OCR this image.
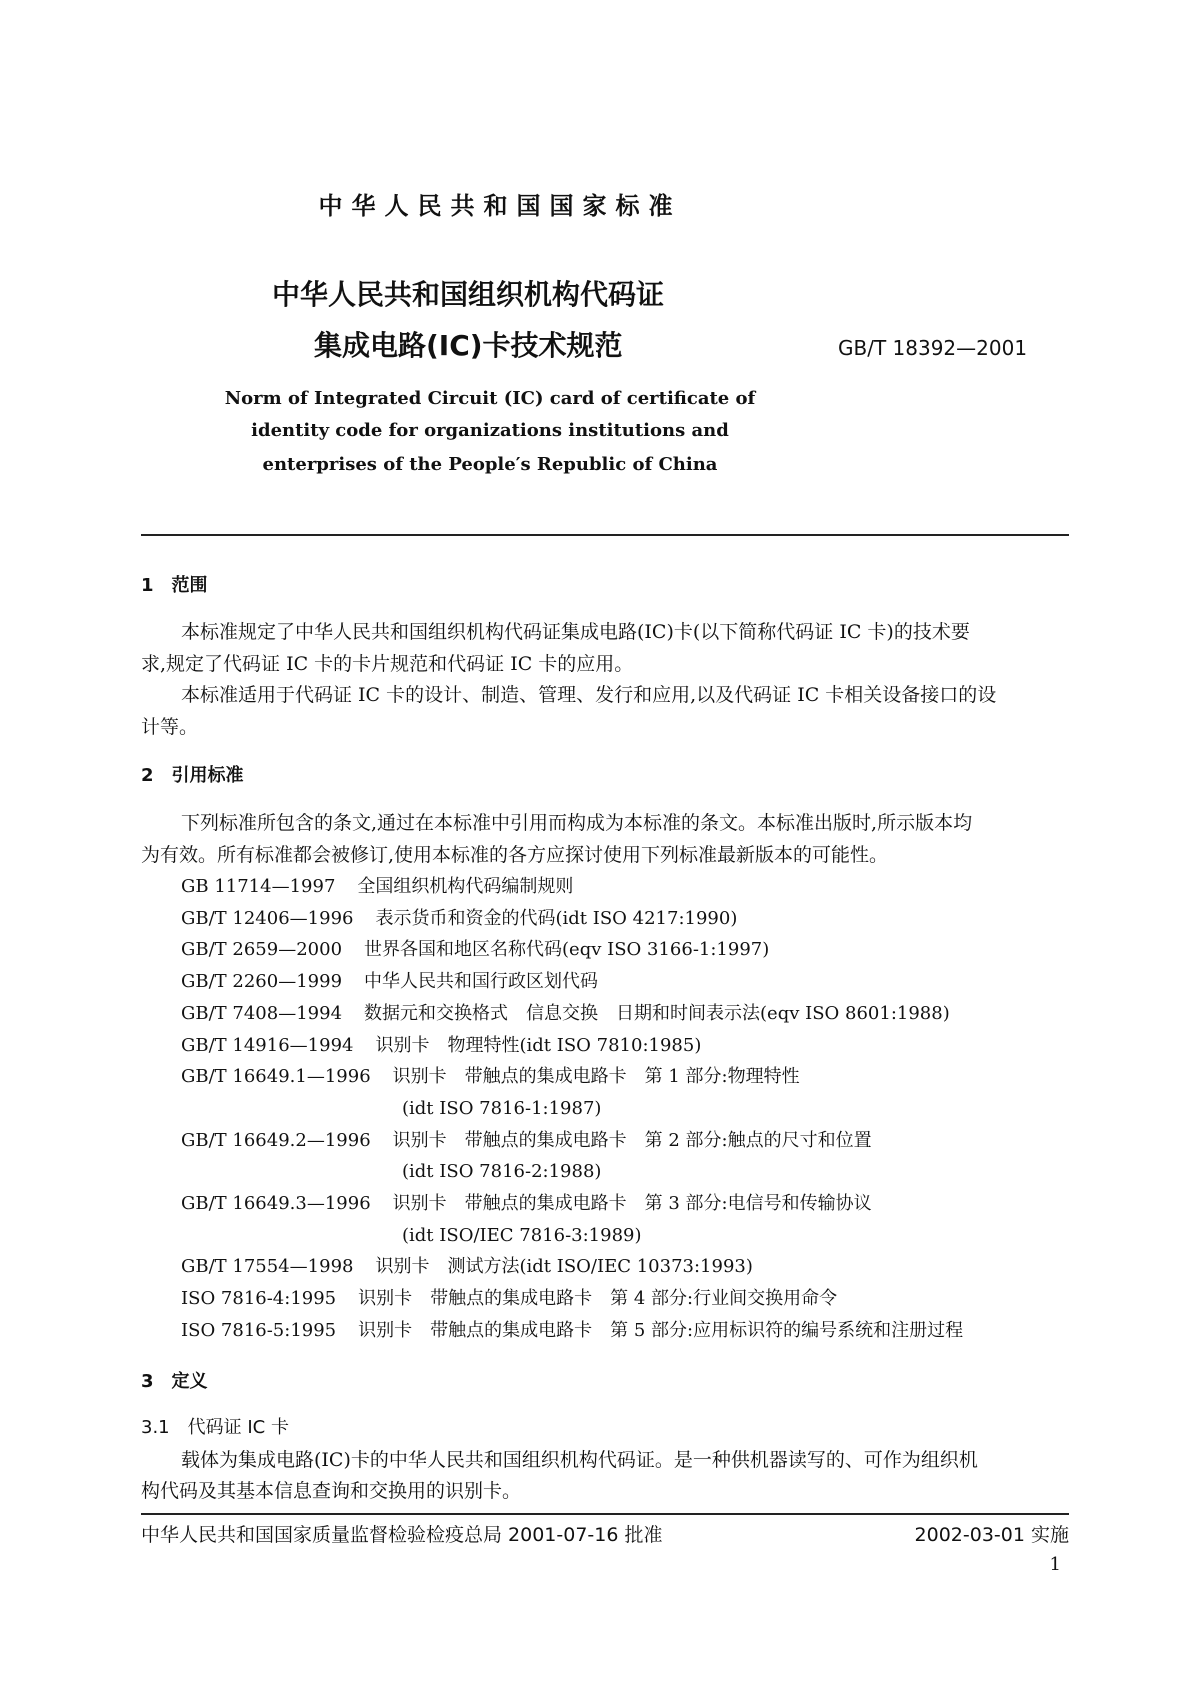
中华人民共和国国家标准
中华人民共和国组织机构代码证
集成电路(IC)卡技术规范	GB/T 18392—2001
Norm of Integrated Circuit (IC) card of certificate of
identity code for organizations institutions and
enterprises of the People′s Republic of China
1　范围
本标准规定了中华人民共和国组织机构代码证集成电路(IC)卡(以下简称代码证 IC 卡)的技术要
求,规定了代码证 IC 卡的卡片规范和代码证 IC 卡的应用。
本标准适用于代码证 IC 卡的设计、制造、管理、发行和应用,以及代码证 IC 卡相关设备接口的设
计等。
2　引用标准
下列标准所包含的条文,通过在本标准中引用而构成为本标准的条文。本标准出版时,所示版本均
为有效。所有标准都会被修订,使用本标准的各方应探讨使用下列标准最新版本的可能性。
GB 11714—1997 全国组织机构代码编制规则
GB/T 12406—1996 表示货币和资金的代码(idt ISO 4217:1990)
GB/T 2659—2000 世界各国和地区名称代码(eqv ISO 3166-1:1997)
GB/T 2260—1999 中华人民共和国行政区划代码
GB/T 7408—1994 数据元和交换格式　信息交换　日期和时间表示法(eqv ISO 8601:1988)
GB/T 14916—1994 识别卡　物理特性(idt ISO 7810:1985)
GB/T 16649.1—1996 识别卡　带触点的集成电路卡　第 1 部分:物理特性
(idt ISO 7816-1:1987)
GB/T 16649.2—1996 识别卡　带触点的集成电路卡　第 2 部分:触点的尺寸和位置
(idt ISO 7816-2:1988)
GB/T 16649.3—1996 识别卡　带触点的集成电路卡　第 3 部分:电信号和传输协议
(idt ISO/IEC 7816-3:1989)
GB/T 17554—1998 识别卡　测试方法(idt ISO/IEC 10373:1993)
ISO 7816-4:1995 识别卡　带触点的集成电路卡　第 4 部分:行业间交换用命令
ISO 7816-5:1995 识别卡　带触点的集成电路卡　第 5 部分:应用标识符的编号系统和注册过程
3　定义
3.1　代码证 IC 卡
载体为集成电路(IC)卡的中华人民共和国组织机构代码证。是一种供机器读写的、可作为组织机
构代码及其基本信息查询和交换用的识别卡。
中华人民共和国国家质量监督检验检疫总局 2001-07-16 批准	2002-03-01 实施
1
